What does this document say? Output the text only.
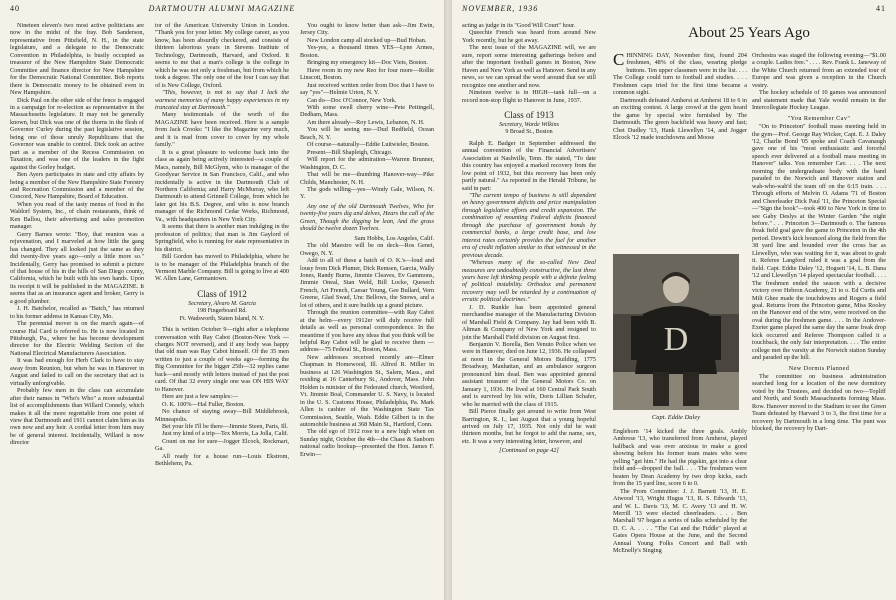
40	DARTMOUTH ALUMNI MAGAZINE

Nineteen eleven's two most active politicians are now in the midst of the fray. Bob Sanderson, representative from Pittsfield, N. H., in the state legislature, and a delegate to the Democratic Convention in Philadelphia, is busily occupied as treasurer of the New Hampshire State Democratic Committee and finance director for New Hampshire for the Democratic National Committee. Bob reports there is Democratic money to be obtained even in New Hampshire.

Dick Paul on the other side of the fence is engaged in a campaign for re-election as representative in the Massachusetts legislature. It may not be generally known, but Dick was one of the thorns in the flesh of Governor Curley during the past legislative session, being one of those unruly Republicans that the Governor was unable to control. Dick took an active part as a member of the Recess Commission on Taxation, and was one of the leaders in the fight against the Gorley budget.

Ben Ayers participates in state and city affairs by being a member of the New Hampshire State Forestry and Recreation Commission and a member of the Concord, New Hampshire, Board of Education.

When you read of the tasty menus of food in the Waldorf System, Inc., of chain restaurants, think of Ken Ballou, their advertising and sales promotion manager.

Gerry Barnes wrote: "Boy, that reunion was a rejuvenation, and I marveled at how little the gang has changed. They all looked just the same as they did twenty-five years ago—only a little more so." Incidentally, Gerry has promised to submit a picture of that house of his in the hills of San Diego county, California, which he built with his own hands. Upon its receipt it will be published in the MAGAZINE. It seems that as an insurance agent and broker, Gerry is a good plumber.

J. H. Batchelor, recalled as "Batch," has returned to his former address in Kansas City, Mo.

The perennial mover is on the march again—of course Hal Card is referred to. He is now located in Pittsburgh, Pa., where he has become development director for the Electric Welding Section of the National Electrical Manufacturers Association.

It was bad enough for Herb Clark to have to stay away from Reunion, but when he was in Hanover in August and failed to call on the secretary that act is virtually unforgivable.

Probably few men in the class can accumulate after their names in "Who's Who" a more substantial list of accomplishments than Willard Connely, which makes it all the more regrettable from one point of view that Dartmouth and 1911 cannot claim him as its own now and any heir. A cordial letter from him may be of general interest. Incidentally, Willard is now director

tor of the American University Union in London. "Thank you for your letter. My college career, as you know, has been absurdly checkered, and consists of thirteen laborious years in Stevens Institute of Technology, Dartmouth, Harvard, and Oxford. It seems to me that a man's college is the college in which he was not only a freshman, but from which he took a degree. The only one of the four I can say that of is New College, Oxford.

"This, however, is not to say that I lack the warmest memories of many happy experiences in my truncated stay at Dartmouth."

Many testimonials of the worth of the MAGAZINE have been received. Here is a sample from Jack Crooks: "I like the Magazine very much, and it is read from cover to cover by my whole family."

It is a great pleasure to welcome back into the class as again being actively interested—a couple of Macs, namely, Bill McGlynn, who is manager of the Goodyear Service in San Francisco, Calif., and who incidentally is active in the Dartmouth Club of Northern California; and Harry McMurray, who left Dartmouth to attend Grinnell College, from which he later got his B.S. Degree, and who is now branch manager of the Richmond Cedar Works, Richmond, Va., with headquarters in New York City.

It seems that there is another man indulging in the profession of politics; that man is Jim Gaylord of Springfield, who is running for state representative in his district.

Bill Gordon has moved to Philadelphia, where he is to be manager of the Philadelphia branch of the Vermont Marble Company. Bill is going to live at 400 W. Allen Lane, Germantown.

Class of 1912
Secretary, Alvaro M. Garcia
198 Fingerboard Rd.
Ft. Wadsworth, Staten Island, N. Y.

This is written October 9—right after a telephone conversation with Ray Cabot (Boston-New York — charges NOT reversed), and if any body was happy that old man was Ray Cabot himself. Of the 35 men written to just a couple of weeks ago—forming the Big Committee for the bigger 25th—32 replies came back—and mostly with letters instead of just the post card. Of that 32 every single one was ON HIS WAY to Hanover.

Here are just a few samples:—

O. K. 100%—Hal Fuller, Boston.

No chance of staying away—Bill Middlebrook, Minneapolis.

Bet your life I'll be there—Jimmie Steen, Paris, Ill.

Just my kind of a trip—Tex Morris, La Jolla, Calif.

Count on me for sure—Jogger Elcock, Rockmart, Ga.

All ready for a house run—Louis Ekstrom, Bethlehem, Pa.

You ought to know better than ask—Jim Ewin, Jersey City.

New London camp all stocked up—Bud Hoban.

Yes-yes, a thousand times YES—Lyne Armes, Boston.

Bringing my emergency kit—Doc Viets, Boston.

Have room in my new Reo for four more—Rollie Linscott, Boston.

Just received written order from Doc that I have to say "yes"—Helmie Urion, N. Y.

Can do—Doc O'Connor, New York.

With some swell cherry wine—Pete Pettingell, Dedham, Mass.

Am there already—Roy Lewis, Lebanon, N. H.

You will be seeing me—Dud Redfield, Ocean Beach, N. Y.

Of course—naturally—Eddie Luitwieler, Boston.

Present—Bill Shapleigh, Chicago.

Will report for the admiration—Warren Brunner, Washington, D. C.

That will be me—thumbing Hanover-way—Pike Childs, Manchester, N. H.

The gods willing—yes—Windy Gale, Wilson, N. Y.

Any one of the old Dartmouth Twelves, Who for twenty-five years dig and delves, Hears the call of the Green, Though the digging be lean, And the grass should be twelve dozen Twelves.

Sam Hobbs, Los Angeles, Calif.

The old Maestro will be on deck—Ros Genet, Owego, N. Y.

Add to all of these a batch of O. K.'s—loud and lousy from Dick Plumer, Dick Remsen, Garcia, Wally Jones, Randy Burns, Jimmie Cleaves, Ev Gammons, Jimmie Oneal, Stan Weld, Bill Locke, Quesech French, Art French, Caesar Young, Gee Bullard, Vern Greene, Glad Swad, Unc Bellows, the Snows, and a lot of others, and it sure builds up a grand picture.

Through the reunion committee—with Ray Cabot at the helm—every 1912er will duly receive full details as well as personal correspondence. In the meantime if you have any ideas that you think will be helpful Ray Cabot will be glad to receive them —address—75 Federal St., Boston, Mass.

New addresses received recently are—Elmer Chapman in Homewood, Ill. Alfred R. Miller in business at 126 Washington St., Salem, Mass., and residing at 16 Canterbury St., Andover, Mass. John Holden is minister of the Federated church, Westford, Vt. Jimmie Boal, Commander U. S. Navy, is located in the U. S. Customs House, Philadelphia, Pa. Mark Allen is cashier of the Washington State Tax Commission, Seattle, Wash. Eddie Gilbert is in the automobile business at 368 Main St., Hartford, Conn.

The old ego of 1912 rose to a new high when on Sunday night, October the 4th—the Chase & Sanborn national radio hookup—presented the Hon. James F. Erwin—

NOVEMBER, 1936	41

acting as judge in its "Good Will Court" hour.

Queechie French was heard from around New York recently, but he got away.

The next issue of the MAGAZINE will, we are sure, report some interesting gatherings before and after the important football games in Boston, New Haven and New York as well as Hanover. Send in any news, so we can spread the word around that we still recognize one another and now.

Nineteen twelve is in HIGH—tank full—on a record non-stop flight to Hanover in June, 1937.

Class of 1913
Secretary, Warde Wilkins
9 Broad St., Boston

Ralph E. Badger in September addressed the annual convention of the Financial Advertisers' Association at Nashville, Tenn. He stated, "To date this country has enjoyed a marked recovery from the low point of 1932, but this recovery has been only partly natural." As reported in the Herald Tribune, he said in part:

"The current tempo of business is still dependent on heavy government deficits and price manipulation through legislative efforts and credit expansion. The combination of mounting Federal deficits financed through the purchase of government bonds by commercial banks, a large credit base, and low interest rates certainly provides the fuel for another era of credit inflation similar to that witnessed in the previous decade.

"Whereas many of the so-called New Deal measures are undoubtedly constructive, the last three years have left thinking people with a definite feeling of political instability. Orthodox and permanent recovery may well be retarded by a continuation of erratic political doctrines."

J. D. Runkle has been appointed general merchandise manager of the Manufacturing Division of Marshall Field & Company. Jay had been with B. Altman & Company of New York and resigned to join the Marshall Field division on August first.

Benjamin V. Borella, Ben Venuto Police when we were in Hanover, died on June 12, 1936. He collapsed at noon in the General Motors Building, 1775 Broadway, Manhattan, and an ambulance surgeon pronounced him dead. Ben was appointed general assistant treasurer of the General Motors Co. on January 1, 1936. He lived at 160 Central Park South and is survived by his wife, Doris Lillian Schafer, who he married with the class of 1915.

Bill Pierce finally got around to write from West Barrington, R. I., last August that a young hopeful arrived on July 17, 1935. Not only did he wait thirteen months, but he forgot to add the name, sex, etc. It was a very interesting letter, however, and

[Continued on page 42]
About 25 Years Ago

CHINNING DAY, November first, found 204 freshmen, 48% of the class, wearing pledge buttons. Ten upper classmen were in the list. . . . The College could turn to football and studies. . . . Freshmen caps tried for the first time became a common sight.

Dartmouth defeated Amherst at Amherst 18 to 6 in an exciting contest. A large crowd at the gym heard the game by special wire furnished by The Dartmouth. The green backfield was heavy and fast; Chet Dudley '13, Hank Llewellyn '14, and Jogger Elcock '12 made touchdowns and Moose

D
Capt. Eddie Daley

Englehorn '14 kicked the three goals. Ambly Ambrose '13, who transferred from Amherst, played halfback and was over anxious to make a good showing before his former team mates who were yelling "get him." He had the pigskin, got into a clear field and—dropped the ball. . . . The freshmen were beaten by Dean Academy by two drop kicks, each from the 15 yard line, score 6 to 0.

The Prom Committee: J. J. Barnett '13, H. E. Atwood '13, Wright Hugus '13, R. S. Edwards '13, and W. L. Davis '13, M. C. Avery '13 and H. W. Merrill '13 were elected cheerleaders. . . . Ben Marshall '97 began a series of talks scheduled by the D. C. A. . . . . "The Cat and the Fiddle" played at Gates Opera House at the June, and the Second Annual Young Folks Concert and Ball with McEnelly's Singing

Orchestra was staged the following evening—"$1.00 a couple. Ladies free." . . . . Rev. Frank L. Janeway of the White Church returned from an extended tour of Europe and was given a reception in the Church vestry.

The hockey schedule of 10 games was announced and statement made that Yale would remain in the Intercollegiate Hockey League.

"You Remember Cav"

"On to Princeton" football mass meeting held in the gym—Prof. George Ray Wicker, Capt. E. J. Daley '12, Charlie Bond '05 spoke and Coach Cavanaugh gave one of his "most enthusiastic and forceful speech ever delivered at a football mass meeting in Hanover" talks. You remember Cav. . . . The next morning the undergraduate body with the band paraded to the Norwich and Hanover station and wah-who-wah'd the team off on the 6:15 train. . . . Through efforts of Melvin O. Adams '71 of Boston and Cheerleader Dick Paul '11, the Princeton Special—"Sign the book"—took 400 to New York in time to see Gaby Deslys at the Winter Garden "the night before." . . . Princeton 3—Dartmouth o. The famous freak field goal gave the game to Princeton in the 4th period. Dewitt's kick bounced along the field from the 38 yard line and bounded over the cross bar as Llewellyn, who was waiting for it, was about to grab it. Referee Langford ruled it was a goal from the field. Capt. Eddie Daley '12, Hogsett '14, L. B. Dana '12 and Llewellyn '14 played spectacular football. . . . The freshmen ended the season with a decisive victory over Hebron Academy, 21 to o. Ed Curtis and Milt Ghee made the touchdowns and Rogers a field goal. Returns from the Princeton game, Miss Rooley on the Hanover end of the wire, were received on the oval during the freshmen game. . . . In the Andover-Exeter game played the same day the same freak drop kick occurred and Referee Thompson called it a touchback, the only fair interpretation. . . . The entire college met the varsity at the Norwich station Sunday and paraded up the hill.

New Dormis Planned

The committee on business administration searched long for a location of the new dormitory voted by the Trustees, and decided on two—Topliff and North, and South Massachusetts forming Mass. Row. Hanover moved to the Stadium to see the Green Team defeated by Harvard 3 to 3, the first time for a recovery by Dartmouth in a long time. The punt was blocked, the recovery by Dart-
